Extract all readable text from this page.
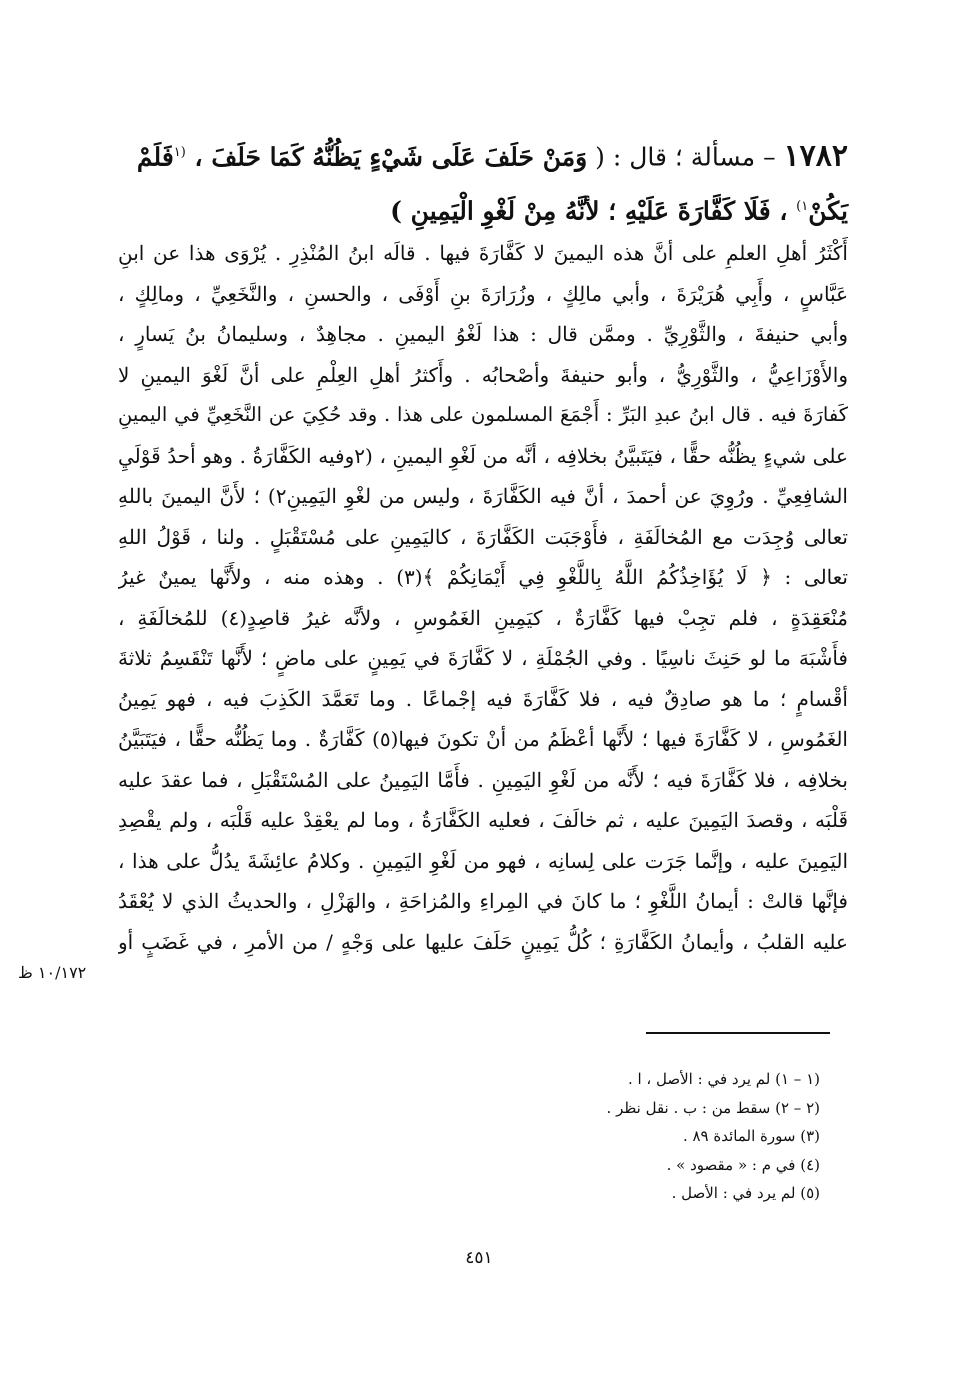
١٧٨٢ – مسألة ؛ قال : ( وَمَنْ حَلَفَ عَلَى شَيْءٍ يَظُنُّهُ كَمَا حَلَفَ ، $^{(١}$فَلَمْ
يَكُنْ$^{١)}$ ، فَلَا كَفَّارَةَ عَلَيْهِ ؛ لأنَّهُ مِنْ لَغْوِ الْيَمِينِ )
أَكْثَرُ أهلِ العلمِ على أنَّ هذه اليمينَ لا كَفَّارَةَ فيها . قالَه ابنُ المُنْذِرِ . يُرْوَى هذا عن ابنِ
عَبَّاسٍ ، وأَبِي هُرَيْرَةَ ، وأبي مالِكٍ ، وزُرَارَةَ بنِ أَوْفَى ، والحسنِ ، والنَّخَعِيِّ ، ومالِكٍ ،
وأبي حنيفةَ ، والثَّوْرِيِّ . وممَّن قال : هذا لَغْوُ اليمينِ . مجاهِدٌ ، وسليمانُ بنُ يَسارٍ ،
والأَوْزَاعِيُّ ، والثَّوْرِيُّ ، وأبو حنيفةَ وأصْحابُه . وأَكثرُ أهلِ العِلْمِ على أنَّ لَغْوَ اليمينِ لا
كَفارَةَ فيه . قال ابنُ عبدِ البَرِّ : أَجْمَعَ المسلمون على هذا . وقد حُكِيَ عن النَّخَعِيِّ في اليمينِ
على شيءٍ يظُنُّه حقًّا ، فيَتَبيَّنُ بخلافِه ، أنَّه من لَغْوِ اليمينِ ، (٢وفيه الكَفَّارَةُ . وهو أحدُ قَوْلَيِ
الشافِعِيِّ . ورُوِيَ عن أحمدَ ، أنَّ فيه الكَفَّارَةَ ، وليس من لغْوِ اليَمِينِ٢) ؛ لأَنَّ اليمينَ باللهِ
تعالى وُجِدَت مع المُخالَفَةِ ، فأَوْجَبَت الكَفَّارَةَ ، كاليَمِينِ على مُسْتَقْبَلٍ . ولنا ، قَوْلُ اللهِ
تعالى : ﴿ لَا يُؤَاخِذُكُمُ اللَّهُ بِاللَّغْوِ فِي أَيْمَانِكُمْ ﴾(٣) . وهذه منه ، ولأَنَّها يمينٌ غيرُ
مُنْعَقِدَةٍ ، فلم تجِبْ فيها كَفَّارَةٌ ، كيَمِينِ الغَمُوسِ ، ولأنَّه غيرُ قاصِدٍ(٤) للمُخالَفَةِ ،
فأَشْبَهَ ما لو حَنِثَ ناسِيًا . وفي الجُمْلَةِ ، لا كَفَّارَةَ في يَمِينٍ على ماضٍ ؛ لأَنَّها تَنْقَسِمُ ثلاثةَ
أقْسامٍ ؛ ما هو صادِقٌ فيه ، فلا كَفَّارَةَ فيه إجْماعًا . وما تَعَمَّدَ الكَذِبَ فيه ، فهو يَمِينُ
الغَمُوسِ ، لا كَفَّارَةَ فيها ؛ لأَنَّها أعْظَمُ من أنْ تكونَ فيها(٥) كَفَّارَةٌ . وما يَظُنُّه حقًّا ، فيَتَبَيَّنُ
بخلافِه ، فلا كَفَّارَةَ فيه ؛ لأَنَّه من لَغْوِ اليَمِينِ . فأَمَّا اليَمِينُ على المُسْتَقْبَلِ ، فما عقدَ عليه
قَلْبَه ، وقصدَ اليَمِينَ عليه ، ثم خالَفَ ، فعليه الكَفَّارَةُ ، وما لم يعْقِدْ عليه قَلْبَه ، ولم يقْصِدِ
اليَمِينَ عليه ، وإنَّما جَرَت على لِسانِه ، فهو من لَغْوِ اليَمِينِ . وكلامُ عائِشَةَ يدُلُّ على هذا ،
فإنَّها قالتْ : أيمانُ اللَّغْوِ ؛ ما كانَ في المِراءِ والمُزاحَةِ ، والهَزْلِ ، والحديثُ الذي لا يُعْقَدُ
عليه القلبُ ، وأيمانُ الكَفَّارَةِ ؛ كُلُّ يَمِينٍ حَلَفَ عليها على وَجْهٍ / من الأمرِ ، في غَضَبٍ أو
١٠/١٧٢ ظ
(١ – ١) لم يرد في : الأصل ، ا .
(٢ – ٢) سقط من : ب . نقل نظر .
(٣) سورة المائدة ٨٩ .
(٤) في م : « مقصود » .
(٥) لم يرد في : الأصل .
٤٥١
